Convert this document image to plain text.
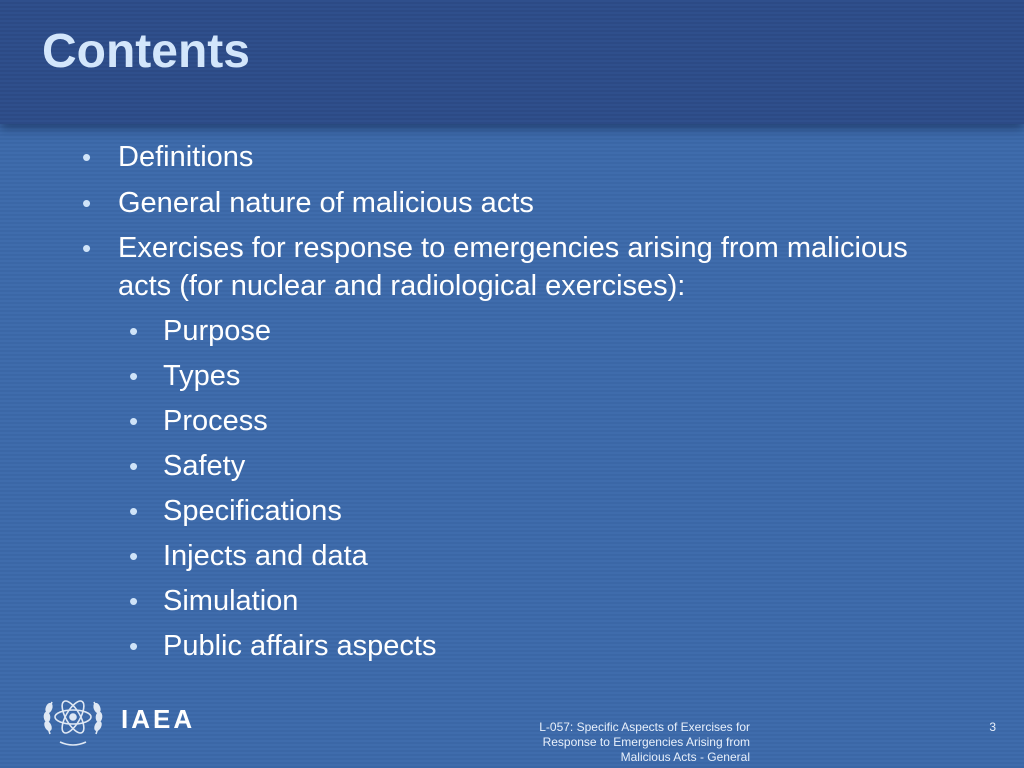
Contents
• Definitions
• General nature of malicious acts
• Exercises for response to emergencies arising from malicious acts (for nuclear and radiological exercises):
• Purpose
• Types
• Process
• Safety
• Specifications
• Injects and data
• Simulation
• Public affairs aspects
IAEA	L-057: Specific Aspects of Exercises for
Response to Emergencies Arising from
Malicious Acts - General
3
